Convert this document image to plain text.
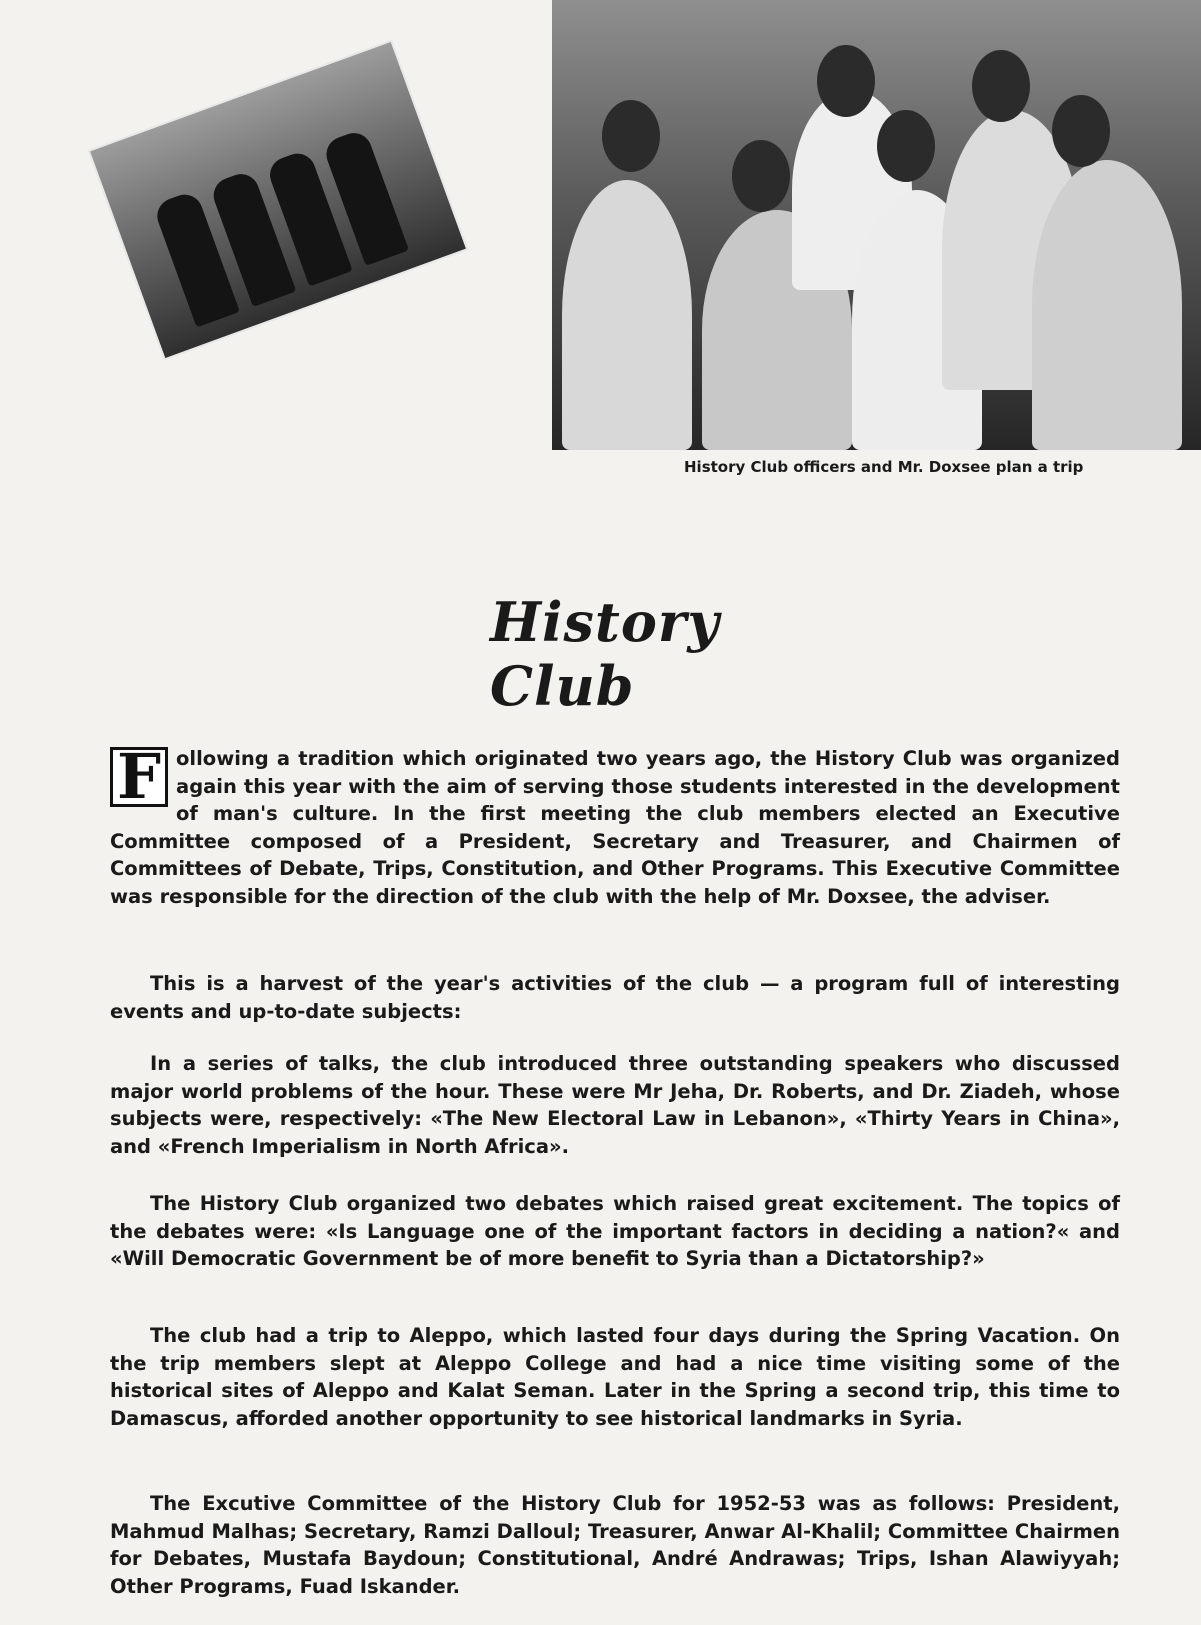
History Club officers and Mr. Doxsee plan a trip
History Club
F ollowing a tradition which originated two years ago, the History Club was organized again this year with the aim of serving those students interested in the development of man's culture. In the first meeting the club members elected an Executive Committee composed of a President, Secretary and Treasurer, and Chairmen of Committees of Debate, Trips, Constitution, and Other Programs. This Executive Committee was responsible for the direction of the club with the help of Mr. Doxsee, the adviser.
This is a harvest of the year's activities of the club — a program full of interesting events and up-to-date subjects:
In a series of talks, the club introduced three outstanding speakers who discussed major world problems of the hour. These were Mr Jeha, Dr. Roberts, and Dr. Ziadeh, whose subjects were, respectively: «The New Electoral Law in Lebanon», «Thirty Years in China», and «French Imperialism in North Africa».
The History Club organized two debates which raised great excitement. The topics of the debates were: «Is Language one of the important factors in deciding a nation?« and «Will Democratic Government be of more benefit to Syria than a Dictatorship?»
The club had a trip to Aleppo, which lasted four days during the Spring Vacation. On the trip members slept at Aleppo College and had a nice time visiting some of the historical sites of Aleppo and Kalat Seman. Later in the Spring a second trip, this time to Damascus, afforded another opportunity to see historical landmarks in Syria.
The Excutive Committee of the History Club for 1952-53 was as follows: President, Mahmud Malhas; Secretary, Ramzi Dalloul; Treasurer, Anwar Al-Khalil; Committee Chairmen for Debates, Mustafa Baydoun; Constitutional, André Andrawas; Trips, Ishan Alawiyyah; Other Programs, Fuad Iskander.
